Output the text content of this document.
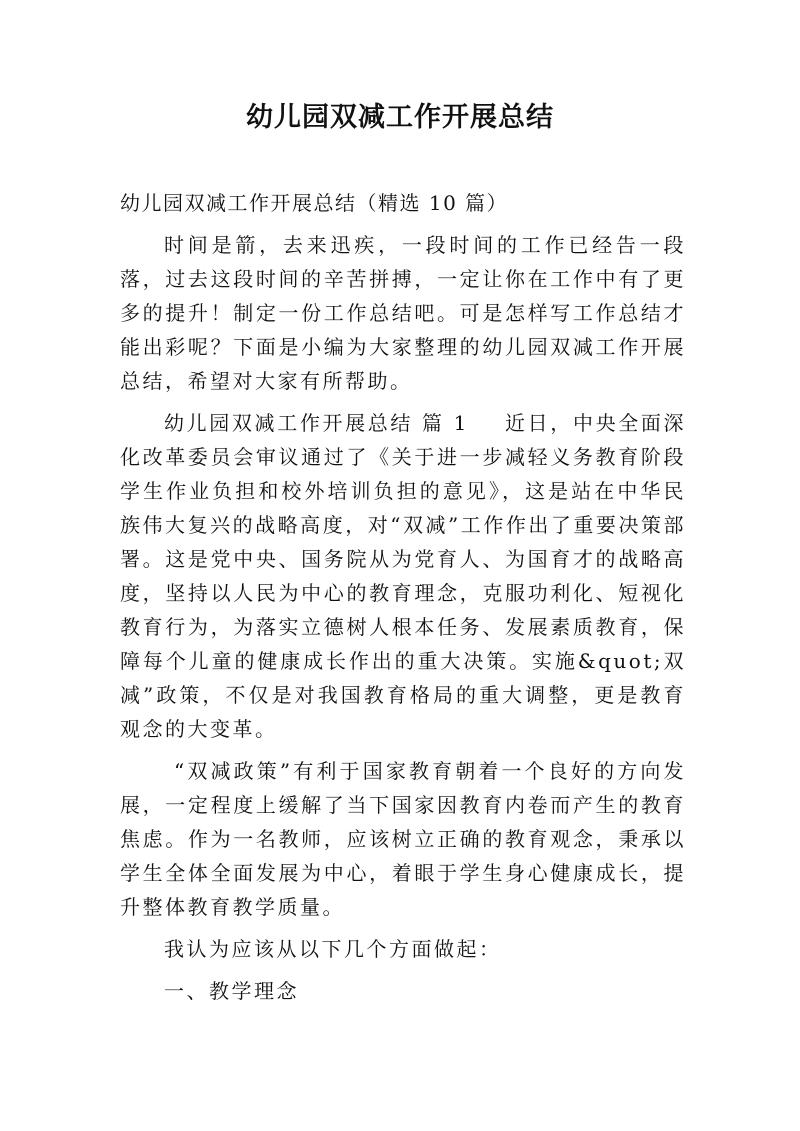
幼儿园双减工作开展总结

幼儿园双减工作开展总结（精选 10 篇）

时间是箭，去来迅疾，一段时间的工作已经告一段落，过去这段时间的辛苦拼搏，一定让你在工作中有了更多的提升！制定一份工作总结吧。可是怎样写工作总结才能出彩呢？下面是小编为大家整理的幼儿园双减工作开展总结，希望对大家有所帮助。

幼儿园双减工作开展总结 篇 1 近日，中央全面深化改革委员会审议通过了《关于进一步减轻义务教育阶段学生作业负担和校外培训负担的意见》，这是站在中华民族伟大复兴的战略高度，对“双减”工作作出了重要决策部署。这是党中央、国务院从为党育人、为国育才的战略高度，坚持以人民为中心的教育理念，克服功利化、短视化教育行为，为落实立德树人根本任务、发展素质教育，保障每个儿童的健康成长作出的重大决策。实施&quot;双减”政策，不仅是对我国教育格局的重大调整，更是教育观念的大变革。

“双减政策”有利于国家教育朝着一个良好的方向发展，一定程度上缓解了当下国家因教育内卷而产生的教育焦虑。作为一名教师，应该树立正确的教育观念，秉承以学生全体全面发展为中心，着眼于学生身心健康成长，提升整体教育教学质量。

我认为应该从以下几个方面做起：

一、教学理念
